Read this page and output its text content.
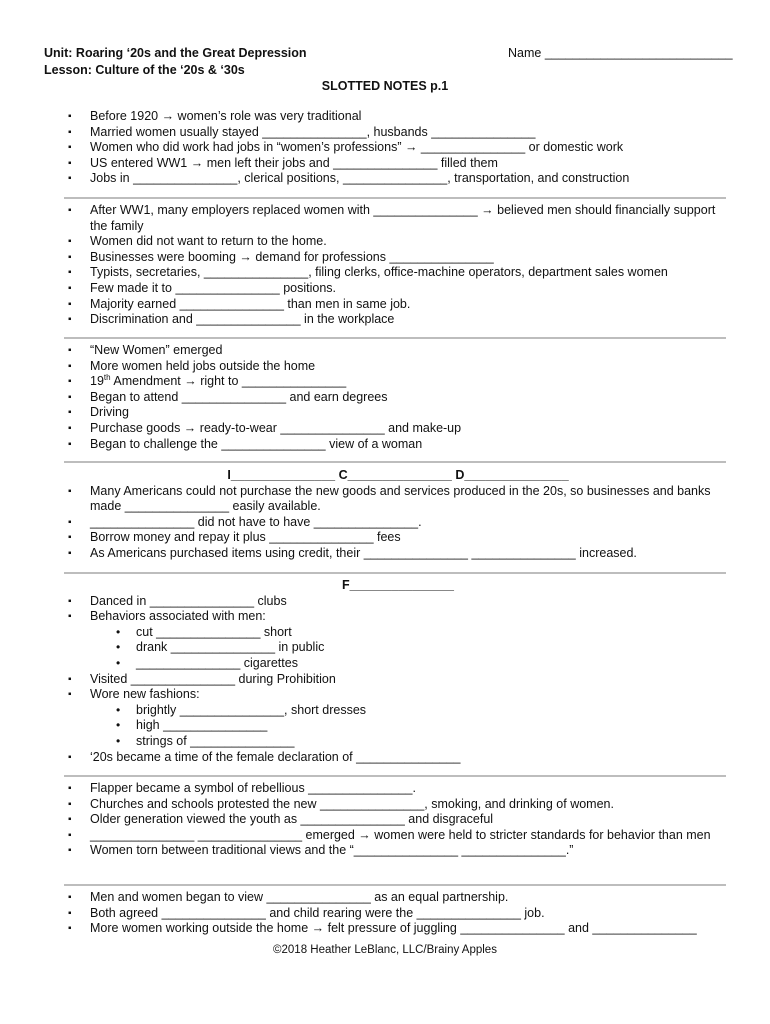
Unit: Roaring ‘20s and the Great Depression
Lesson: Culture of the ‘20s & ‘30s
Name ___________________________
SLOTTED NOTES p.1
▪ Before 1920 → women’s role was very traditional
▪ Married women usually stayed _______________, husbands _______________
▪ Women who did work had jobs in “women’s professions” → _______________ or domestic work
▪ US entered WW1 → men left their jobs and _______________ filled them
▪ Jobs in _______________, clerical positions, _______________, transportation, and construction
▪ After WW1, many employers replaced women with _______________ → believed men should financially support the family
▪ Women did not want to return to the home.
▪ Businesses were booming → demand for professions _______________
▪ Typists, secretaries, _______________, filing clerks, office-machine operators, department sales women
▪ Few made it to _______________ positions.
▪ Majority earned _______________ than men in same job.
▪ Discrimination and _______________ in the workplace
▪ “New Women” emerged
▪ More women held jobs outside the home
▪ 19th Amendment → right to _______________
▪ Began to attend _______________ and earn degrees
▪ Driving
▪ Purchase goods → ready-to-wear _______________ and make-up
▪ Began to challenge the _______________ view of a woman
I_______________ C_______________ D_______________
▪ Many Americans could not purchase the new goods and services produced in the 20s, so businesses and banks made _______________ easily available.
▪ _______________ did not have to have _______________.
▪ Borrow money and repay it plus _______________ fees
▪ As Americans purchased items using credit, their _______________ _______________ increased.
F_______________
▪ Danced in _______________ clubs
▪ Behaviors associated with men:
• cut _______________ short
• drank _______________ in public
• _______________ cigarettes
▪ Visited _______________ during Prohibition
▪ Wore new fashions:
• brightly _______________, short dresses
• high _______________
• strings of _______________
▪ ‘20s became a time of the female declaration of _______________
▪ Flapper became a symbol of rebellious _______________.
▪ Churches and schools protested the new _______________, smoking, and drinking of women.
▪ Older generation viewed the youth as _______________ and disgraceful
▪ _______________ _______________ emerged → women were held to stricter standards for behavior than men
▪ Women torn between traditional views and the “_______________ _______________.”
▪ Men and women began to view _______________ as an equal partnership.
▪ Both agreed _______________ and child rearing were the _______________ job.
▪ More women working outside the home → felt pressure of juggling _______________ and _______________
©2018 Heather LeBlanc, LLC/Brainy Apples
